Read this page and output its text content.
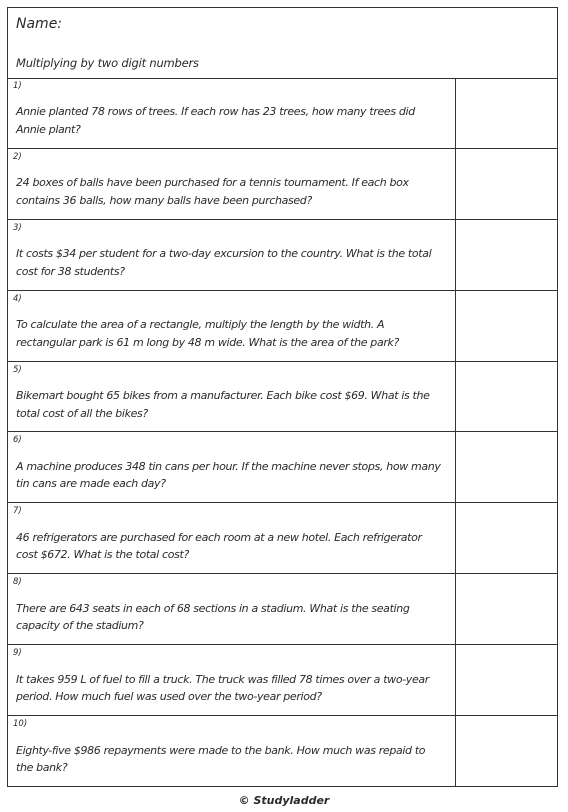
Name:
Multiplying by two digit numbers
1)
Annie planted 78 rows of trees. If each row has 23 trees, how many trees did Annie plant?
2)
24 boxes of balls have been purchased for a tennis tournament. If each box contains 36 balls, how many balls have been purchased?
3)
It costs $34 per student for a two-day excursion to the country. What is the total cost for 38 students?
4)
To calculate the area of a rectangle, multiply the length by the width. A rectangular park is 61 m long by 48 m wide. What is the area of the park?
5)
Bikemart bought 65 bikes from a manufacturer. Each bike cost $69. What is the total cost of all the bikes?
6)
A machine produces 348 tin cans per hour. If the machine never stops, how many tin cans are made each day?
7)
46 refrigerators are purchased for each room at a new hotel. Each refrigerator cost $672. What is the total cost?
8)
There are 643 seats in each of 68 sections in a stadium. What is the seating capacity of the stadium?
9)
It takes 959 L of fuel to fill a truck. The truck was filled 78 times over a two-year period. How much fuel was used over the two-year period?
10)
Eighty-five $986 repayments were made to the bank. How much was repaid to the bank?
© Studyladder
